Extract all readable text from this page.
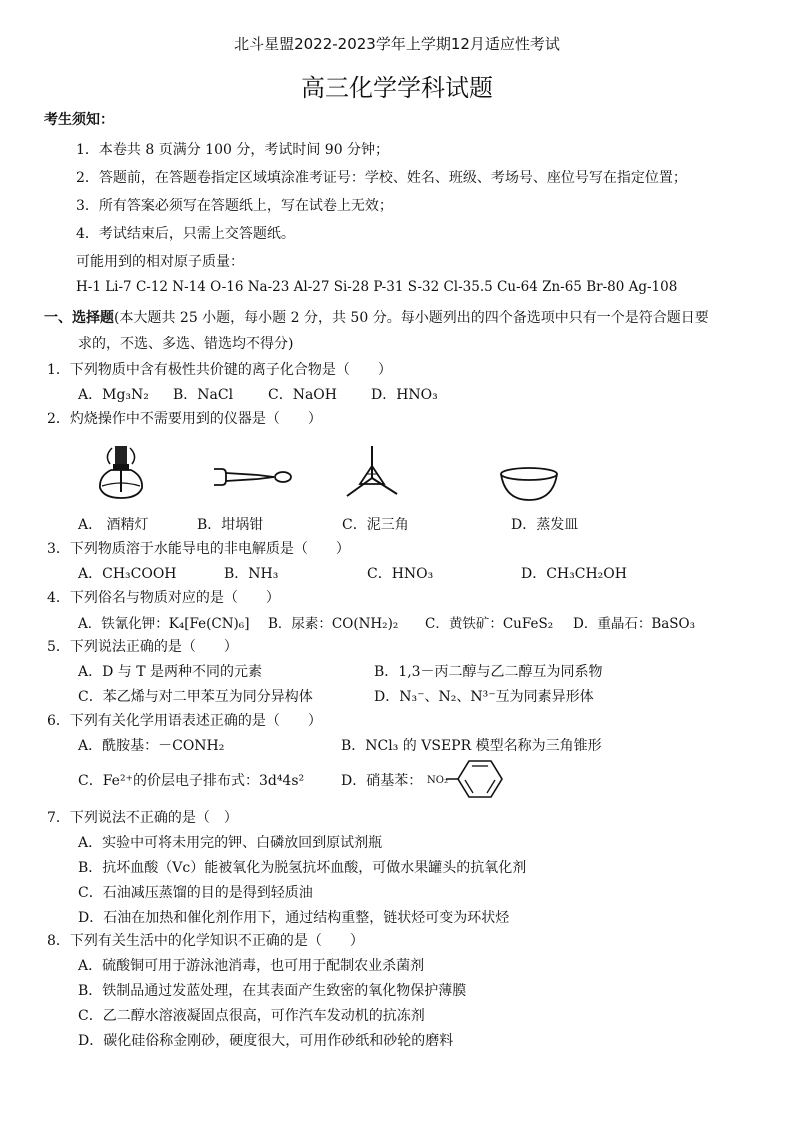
北斗星盟2022-2023学年上学期12月适应性考试
高三化学学科试题
考生须知：
1．本卷共 8 页满分 100 分，考试时间 90 分钟；
2．答题前，在答题卷指定区域填涂准考证号：学校、姓名、班级、考场号、座位号写在指定位置；
3．所有答案必须写在答题纸上，写在试卷上无效；
4．考试结束后，只需上交答题纸。
可能用到的相对原子质量：
H-1 Li-7 C-12 N-14 O-16 Na-23 Al-27 Si-28 P-31 S-32 Cl-35.5 Cu-64 Zn-65 Br-80 Ag-108
一、选择题(本大题共 25 小题，每小题 2 分，共 50 分。每小题列出的四个备选项中只有一个是符合题日要
求的，不选、多选、错选均不得分)
1．下列物质中含有极性共价键的离子化合物是（　　）
A．Mg₃N₂ B．NaCl C．NaOH D．HNO₃
2．灼烧操作中不需要用到的仪器是（　　）
A． 酒精灯	B．坩埚钳	C．泥三角	D．蒸发皿
3．下列物质溶于水能导电的非电解质是（　　）
A．CH₃COOH	B．NH₃	C．HNO₃	D．CH₃CH₂OH
4．下列俗名与物质对应的是（　　）
A．铁氰化钾：K₄[Fe(CN)₆] B．尿素：CO(NH₂)₂ C．黄铁矿：CuFeS₂ D．重晶石：BaSO₃
5．下列说法正确的是（　　）
A．D 与 T 是两种不同的元素	B．1,3－丙二醇与乙二醇互为同系物
C．苯乙烯与对二甲苯互为同分异构体	D．N₃⁻、N₂、N³⁻互为同素异形体
6．下列有关化学用语表述正确的是（　　）
A．酰胺基：－CONH₂	B．NCl₃ 的 VSEPR 模型名称为三角锥形
C．Fe²⁺的价层电子排布式：3d⁴4s²	D．硝基苯： NO₂
7．下列说法不正确的是（　）
A．实验中可将未用完的钾、白磷放回到原试剂瓶
B．抗坏血酸（Vc）能被氧化为脱氢抗坏血酸，可做水果罐头的抗氧化剂
C．石油减压蒸馏的目的是得到轻质油
D．石油在加热和催化剂作用下，通过结构重整，链状烃可变为环状烃
8．下列有关生活中的化学知识不正确的是（　　）
A．硫酸铜可用于游泳池消毒，也可用于配制农业杀菌剂
B．铁制品通过发蓝处理，在其表面产生致密的氧化物保护薄膜
C．乙二醇水溶液凝固点很高，可作汽车发动机的抗冻剂
D．碳化硅俗称金刚砂，硬度很大，可用作砂纸和砂轮的磨料
